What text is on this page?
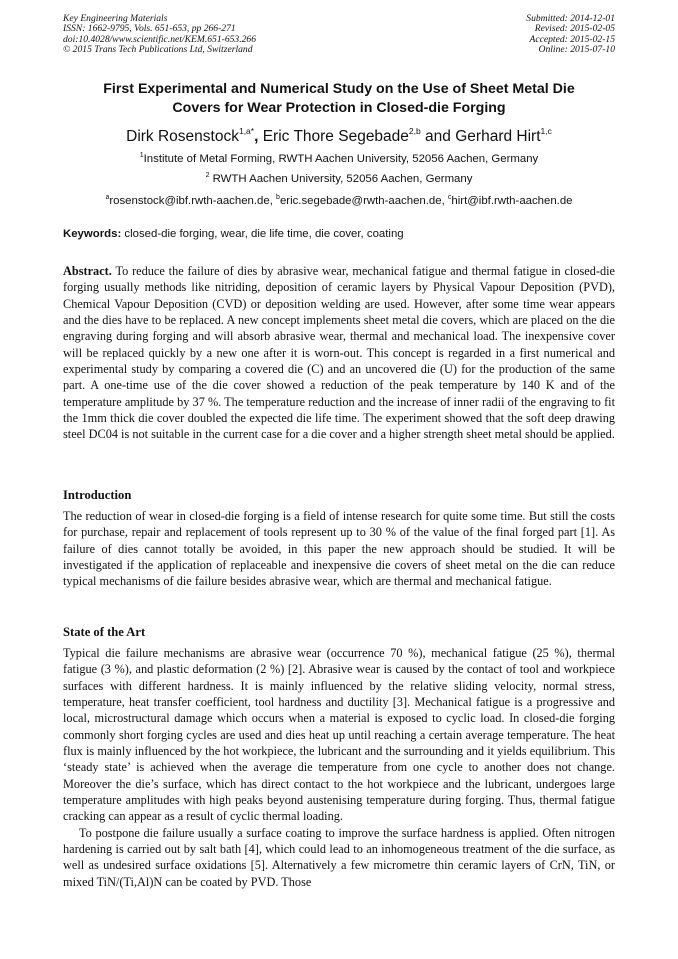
Key Engineering Materials
ISSN: 1662-9795, Vols. 651-653, pp 266-271
doi:10.4028/www.scientific.net/KEM.651-653.266
© 2015 Trans Tech Publications Ltd, Switzerland
Submitted: 2014-12-01
Revised: 2015-02-05
Accepted: 2015-02-15
Online: 2015-07-10
First Experimental and Numerical Study on the Use of Sheet Metal Die
Covers for Wear Protection in Closed-die Forging
Dirk Rosenstock$^{1,a*}$, Eric Thore Segebade$^{2,b}$ and Gerhard Hirt$^{1,c}$
$^1$Institute of Metal Forming, RWTH Aachen University, 52056 Aachen, Germany
$^2$ RWTH Aachen University, 52056 Aachen, Germany
$^a$rosenstock@ibf.rwth-aachen.de, $^b$eric.segebade@rwth-aachen.de, $^c$hirt@ibf.rwth-aachen.de
Keywords: closed-die forging, wear, die life time, die cover, coating

Abstract. To reduce the failure of dies by abrasive wear, mechanical fatigue and thermal fatigue in closed-die forging usually methods like nitriding, deposition of ceramic layers by Physical Vapour Deposition (PVD), Chemical Vapour Deposition (CVD) or deposition welding are used. However, after some time wear appears and the dies have to be replaced. A new concept implements sheet metal die covers, which are placed on the die engraving during forging and will absorb abrasive wear, thermal and mechanical load. The inexpensive cover will be replaced quickly by a new one after it is worn-out. This concept is regarded in a first numerical and experimental study by comparing a covered die (C) and an uncovered die (U) for the production of the same part. A one-time use of the die cover showed a reduction of the peak temperature by 140 K and of the temperature amplitude by 37 %. The temperature reduction and the increase of inner radii of the engraving to fit the 1mm thick die cover doubled the expected die life time. The experiment showed that the soft deep drawing steel DC04 is not suitable in the current case for a die cover and a higher strength sheet metal should be applied.

Introduction

The reduction of wear in closed-die forging is a field of intense research for quite some time. But still the costs for purchase, repair and replacement of tools represent up to 30 % of the value of the final forged part [1]. As failure of dies cannot totally be avoided, in this paper the new approach should be studied. It will be investigated if the application of replaceable and inexpensive die covers of sheet metal on the die can reduce typical mechanisms of die failure besides abrasive wear, which are thermal and mechanical fatigue.

State of the Art

Typical die failure mechanisms are abrasive wear (occurrence 70 %), mechanical fatigue (25 %), thermal fatigue (3 %), and plastic deformation (2 %) [2]. Abrasive wear is caused by the contact of tool and workpiece surfaces with different hardness. It is mainly influenced by the relative sliding velocity, normal stress, temperature, heat transfer coefficient, tool hardness and ductility [3]. Mechanical fatigue is a progressive and local, microstructural damage which occurs when a material is exposed to cyclic load. In closed-die forging commonly short forging cycles are used and dies heat up until reaching a certain average temperature. The heat flux is mainly influenced by the hot workpiece, the lubricant and the surrounding and it yields equilibrium. This ‘steady state’ is achieved when the average die temperature from one cycle to another does not change. Moreover the die’s surface, which has direct contact to the hot workpiece and the lubricant, undergoes large temperature amplitudes with high peaks beyond austenising temperature during forging. Thus, thermal fatigue cracking can appear as a result of cyclic thermal loading.

To postpone die failure usually a surface coating to improve the surface hardness is applied. Often nitrogen hardening is carried out by salt bath [4], which could lead to an inhomogeneous treatment of the die surface, as well as undesired surface oxidations [5]. Alternatively a few micrometre thin ceramic layers of CrN, TiN, or mixed TiN/(Ti,Al)N can be coated by PVD. Those
